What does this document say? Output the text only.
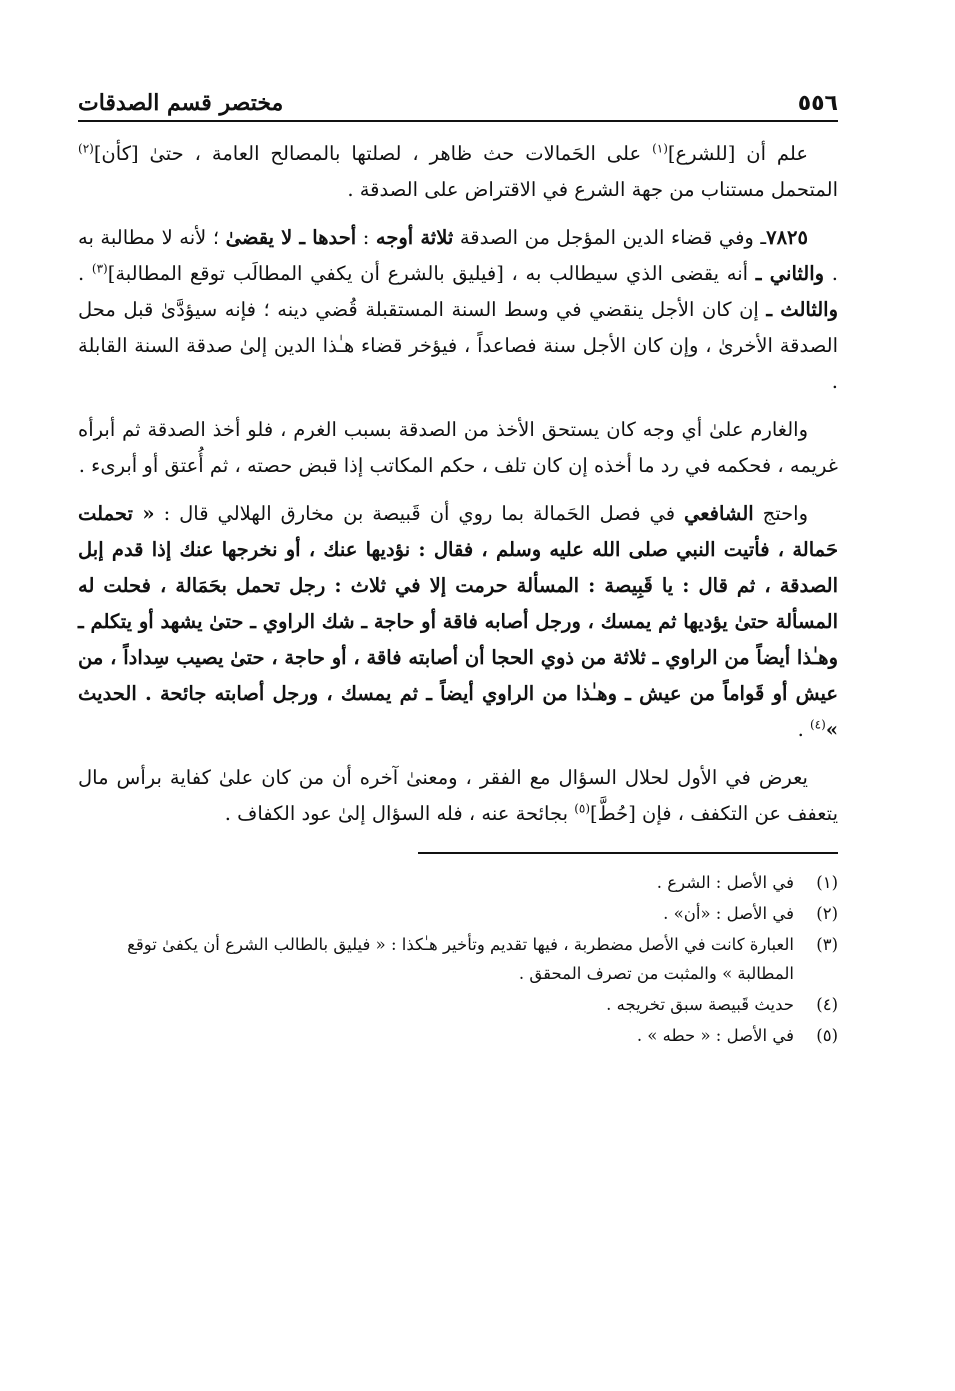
٥٥٦
مختصر قسم الصدقات

علم أن [للشرع]$^{(١)}$ على الحَمالات حث ظاهر ، لصلتها بالمصالح العامة ، حتىٰ [كأن]$^{(٢)}$ المتحمل مستناب من جهة الشرع في الاقتراض على الصدقة .

٧٨٢٥ـ وفي قضاء الدين المؤجل من الصدقة ثلاثة أوجه : أحدها ـ لا يقضىٰ ؛ لأنه لا مطالبة به . والثاني ـ أنه يقضى الذي سيطالب به ، [فيليق بالشرع أن يكفي المطالَب توقع المطالبة]$^{(٣)}$ . والثالث ـ إن كان الأجل ينقضي في وسط السنة المستقبلة قُضي دينه ؛ فإنه سيؤدَّىٰ قبل محل الصدقة الأخرىٰ ، وإن كان الأجل سنة فصاعداً ، فيؤخر قضاء هـٰذا الدين إلىٰ صدقة السنة القابلة .

والغارم علىٰ أي وجه كان يستحق الأخذ من الصدقة بسبب الغرم ، فلو أخذ الصدقة ثم أبرأه غريمه ، فحكمه في رد ما أخذه إن كان تلف ، حكم المكاتب إذا قبض حصته ، ثم أُعتق أو أبرىء .

واحتج الشافعي في فصل الحَمالة بما روي أن قَبيصة بن مخارق الهلالي قال : « تحملت حَمالة ، فأتيت النبي صلى الله عليه وسلم ، فقال : نؤديها عنك ، أو نخرجها عنك إذا قدم إبل الصدقة ، ثم قال : يا قَبِيصة : المسألة حرمت إلا في ثلاث : رجل تحمل بحَمَالة ، فحلت له المسألة حتىٰ يؤديها ثم يمسك ، ورجل أصابه فاقة أو حاجة ـ شك الراوي ـ حتىٰ يشهد أو يتكلم ـ وهـٰذا أيضاً من الراوي ـ ثلاثة من ذوي الحجا أن أصابته فاقة ، أو حاجة ، حتىٰ يصيب سِداداً ، من عيش أو قَواماً من عيش ـ وهـٰذا من الراوي أيضاً ـ ثم يمسك ، ورجل أصابته جائحة . الحديث »$^{(٤)}$ .

يعرض في الأول لحلال السؤال مع الفقر ، ومعنىٰ آخره أن من كان علىٰ كفاية برأس مال يتعفف عن التكفف ، فإن [حُطَّ]$^{(٥)}$ بجائحة عنه ، فله السؤال إلىٰ عود الكفاف .

(١)
في الأصل : الشرع .
(٢)
في الأصل : «أن» .
(٣)
العبارة كانت في الأصل مضطربة ، فيها تقديم وتأخير هـٰكذا : « فيليق بالطالب الشرع أن يكفىٰ توقع المطالبة » والمثبت من تصرف المحقق .
(٤)
حديث قَبيصة سبق تخريجه .
(٥)
في الأصل : « حطه » .
